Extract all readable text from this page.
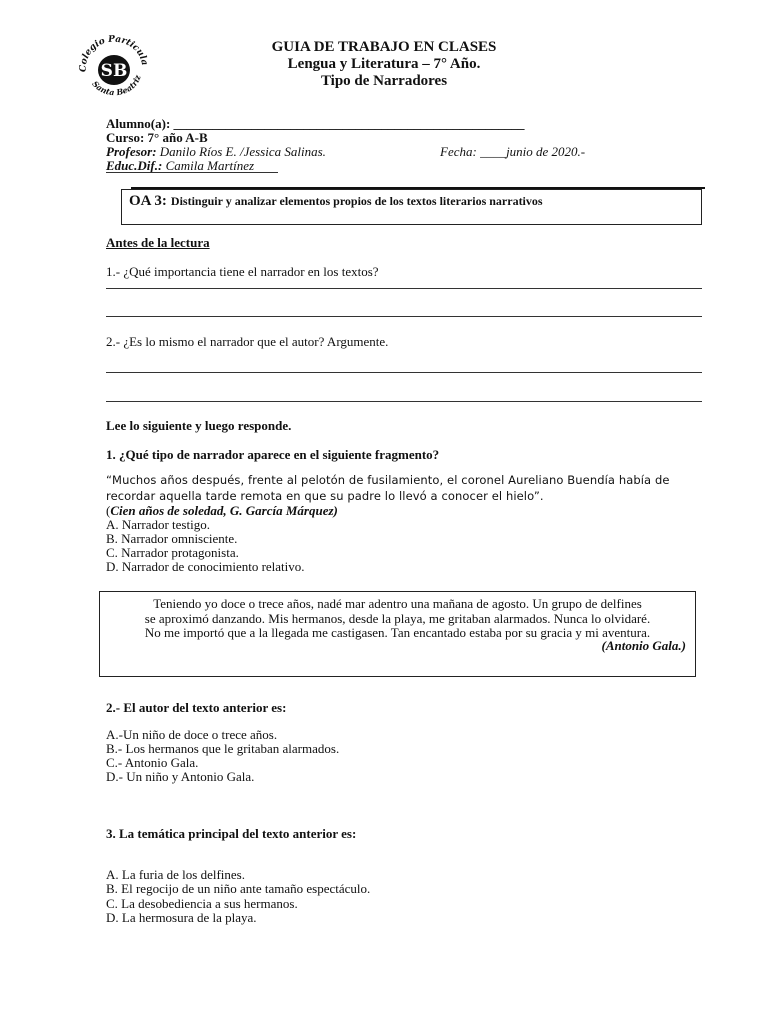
Colegio Particula
SB
Santa Beatriz
GUIA DE TRABAJO EN CLASES
Lengua y Literatura – 7° Año.
Tipo de Narradores
Alumno(a): ______________________________________________________
Curso: 7° año A-B
Profesor: Danilo Ríos E. /Jessica Salinas.	Fecha: ____junio de 2020.-
Educ.Dif.: Camila Martínez
OA 3: Distinguir y analizar elementos propios de los textos literarios narrativos
Antes de la lectura
1.- ¿Qué importancia tiene el narrador en los textos?
2.- ¿Es lo mismo el narrador que el autor? Argumente.
Lee lo siguiente y luego responde.
1. ¿Qué tipo de narrador aparece en el siguiente fragmento?
“Muchos años después, frente al pelotón de fusilamiento, el coronel Aureliano Buendía había de
recordar aquella tarde remota en que su padre lo llevó a conocer el hielo”.
(Cien años de soledad, G. García Márquez)
A. Narrador testigo.
B. Narrador omnisciente.
C. Narrador protagonista.
D. Narrador de conocimiento relativo.
Teniendo yo doce o trece años, nadé mar adentro una mañana de agosto. Un grupo de delfines
se aproximó danzando. Mis hermanos, desde la playa, me gritaban alarmados. Nunca lo olvidaré.
No me importó que a la llegada me castigasen. Tan encantado estaba por su gracia y mi aventura.
(Antonio Gala.)
2.- El autor del texto anterior es:
A.-Un niño de doce o trece años.
B.- Los hermanos que le gritaban alarmados.
C.- Antonio Gala.
D.- Un niño y Antonio Gala.
3. La temática principal del texto anterior es:
A. La furia de los delfines.
B. El regocijo de un niño ante tamaño espectáculo.
C. La desobediencia a sus hermanos.
D. La hermosura de la playa.
